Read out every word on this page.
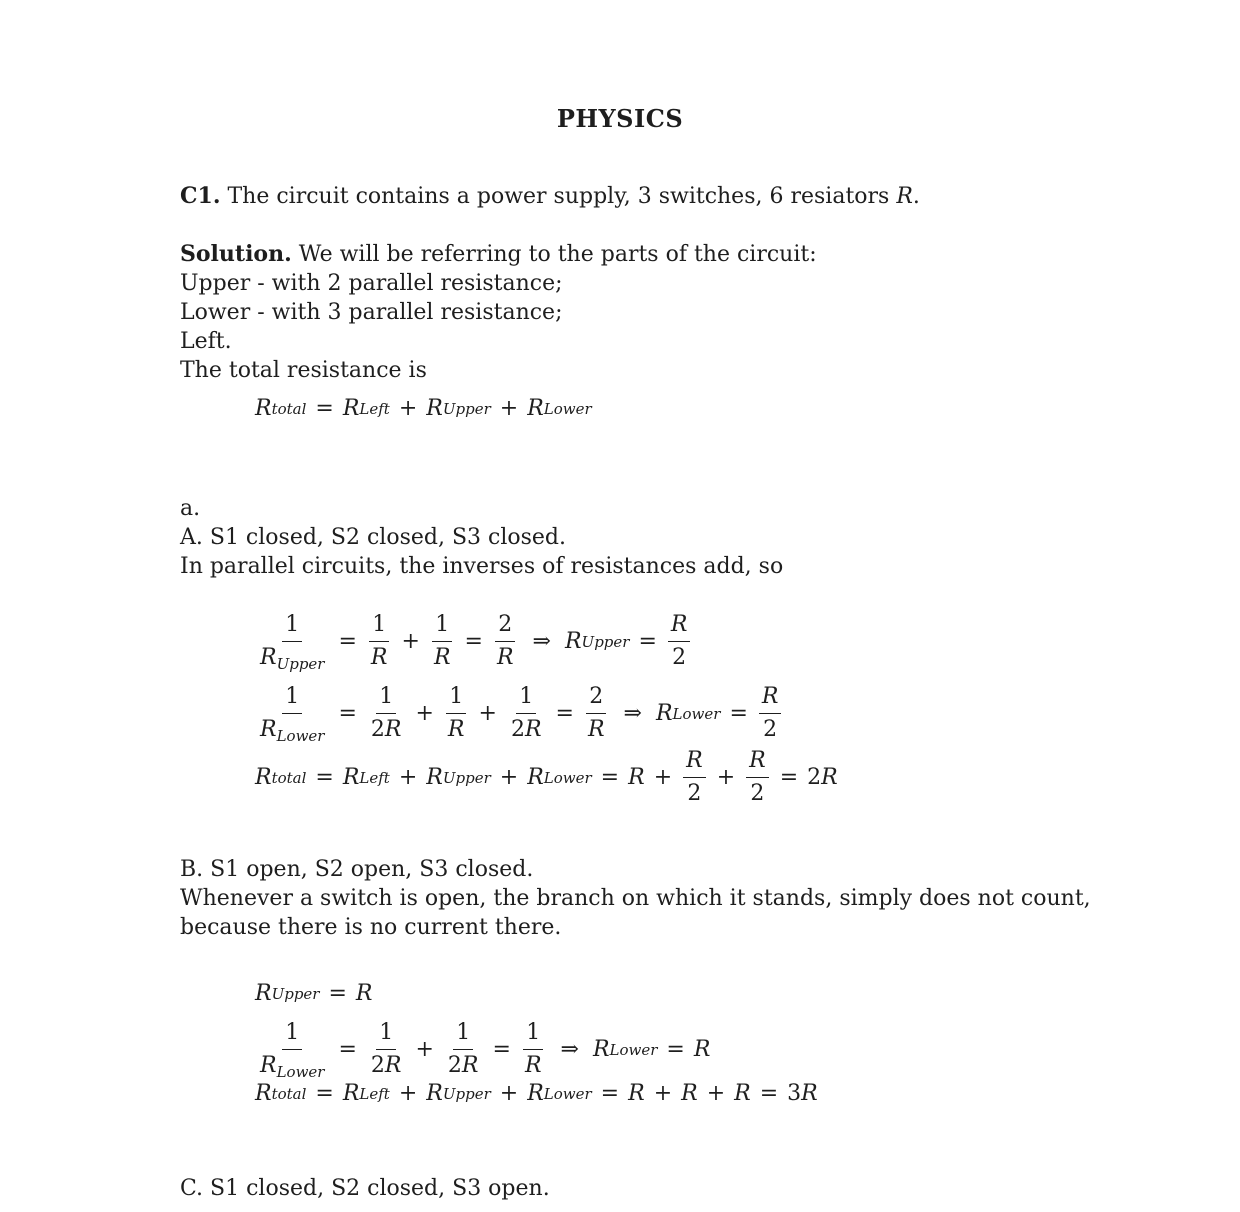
PHYSICS
C1. The circuit contains a power supply, 3 switches, 6 resiators R.
Solution. We will be referring to the parts of the circuit:
Upper - with 2 parallel resistance;
Lower - with 3 parallel resistance;
Left.
The total resistance is
R total = R Left + R Upper + R Lower
a.
A. S1 closed, S2 closed, S3 closed.
In parallel circuits, the inverses of resistances add, so
$\frac{1}{R_{Upper}} = \frac{1}{R} + \frac{1}{R} = \frac{2}{R}$ ⇒ R Upper = $\frac{R}{2}$
$\frac{1}{R_{Lower}} = \frac{1}{2R} + \frac{1}{R} + \frac{1}{2R} = \frac{2}{R}$ ⇒ R Lower = $\frac{R}{2}$
R total = R Left + R Upper + R Lower = $R + \frac{R}{2} + \frac{R}{2} = 2$ R
B. S1 open, S2 open, S3 closed.
Whenever a switch is open, the branch on which it stands, simply does not count,
because there is no current there.
R Upper = R
$\frac{1}{R_{Lower}} = \frac{1}{2R} + \frac{1}{2R} = \frac{1}{R}$ ⇒ R Lower = R
R total = R Left + R Upper + R Lower = R + R + R = 3 R
C. S1 closed, S2 closed, S3 open.
